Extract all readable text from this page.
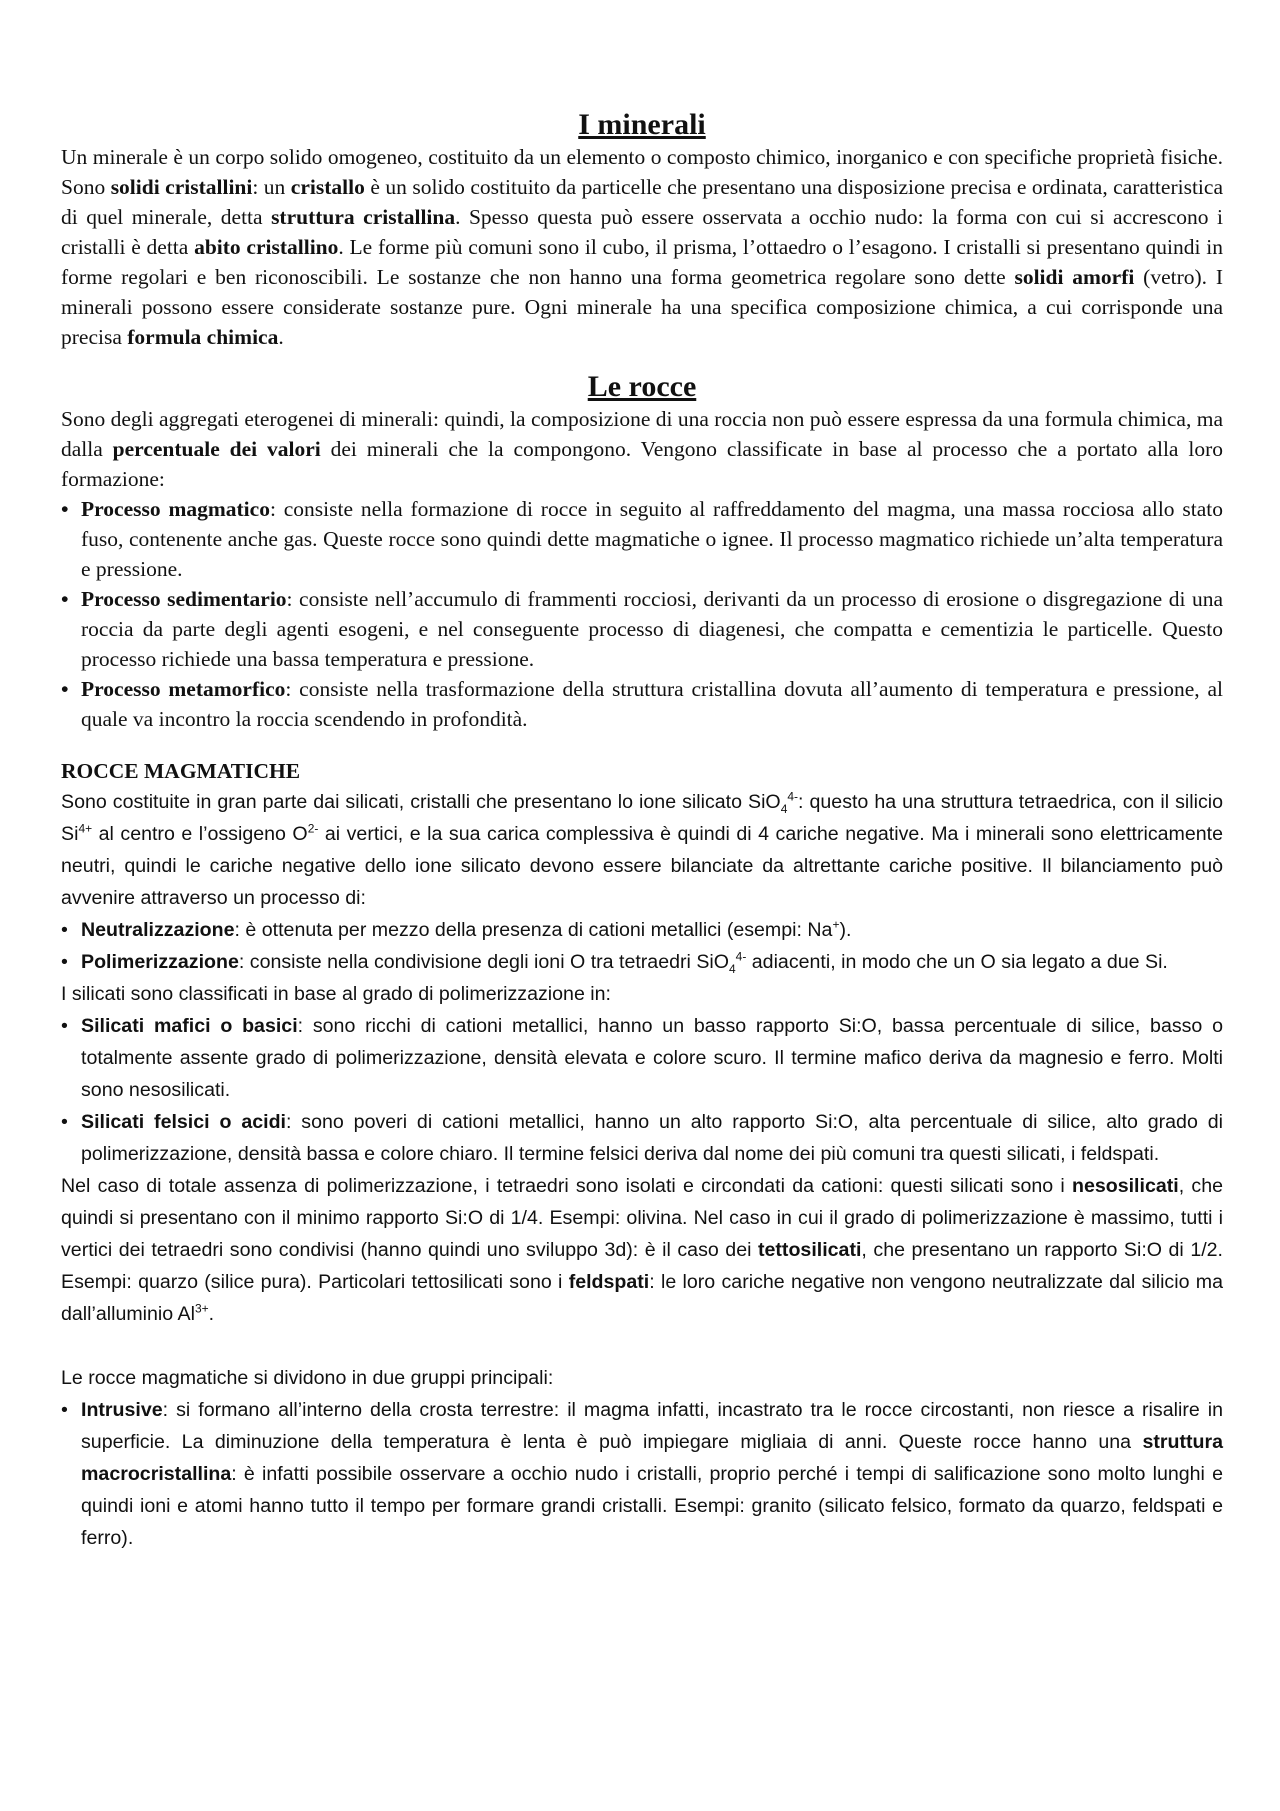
I minerali

Un minerale è un corpo solido omogeneo, costituito da un elemento o composto chimico, inorganico e con specifiche proprietà fisiche. Sono solidi cristallini: un cristallo è un solido costituito da particelle che presentano una disposizione precisa e ordinata, caratteristica di quel minerale, detta struttura cristallina. Spesso questa può essere osservata a occhio nudo: la forma con cui si accrescono i cristalli è detta abito cristallino. Le forme più comuni sono il cubo, il prisma, l’ottaedro o l’esagono. I cristalli si presentano quindi in forme regolari e ben riconoscibili. Le sostanze che non hanno una forma geometrica regolare sono dette solidi amorfi (vetro). I minerali possono essere considerate sostanze pure. Ogni minerale ha una specifica composizione chimica, a cui corrisponde una precisa formula chimica.

Le rocce

Sono degli aggregati eterogenei di minerali: quindi, la composizione di una roccia non può essere espressa da una formula chimica, ma dalla percentuale dei valori dei minerali che la compongono. Vengono classificate in base al processo che a portato alla loro formazione:

• Processo magmatico: consiste nella formazione di rocce in seguito al raffreddamento del magma, una massa rocciosa allo stato fuso, contenente anche gas. Queste rocce sono quindi dette magmatiche o ignee. Il processo magmatico richiede un’alta temperatura e pressione.
• Processo sedimentario: consiste nell’accumulo di frammenti rocciosi, derivanti da un processo di erosione o disgregazione di una roccia da parte degli agenti esogeni, e nel conseguente processo di diagenesi, che compatta e cementizia le particelle. Questo processo richiede una bassa temperatura e pressione.
• Processo metamorfico: consiste nella trasformazione della struttura cristallina dovuta all’aumento di temperatura e pressione, al quale va incontro la roccia scendendo in profondità.
ROCCE MAGMATICHE

Sono costituite in gran parte dai silicati, cristalli che presentano lo ione silicato SiO$_4^{4-}$: questo ha una struttura tetraedrica, con il silicio $Si^{4+}$ al centro e l’ossigeno $O^{2-}$ ai vertici, e la sua carica complessiva è quindi di 4 cariche negative. Ma i minerali sono elettricamente neutri, quindi le cariche negative dello ione silicato devono essere bilanciate da altrettante cariche positive. Il bilanciamento può avvenire attraverso un processo di:

• Neutralizzazione: è ottenuta per mezzo della presenza di cationi metallici (esempi: Na+).
• Polimerizzazione: consiste nella condivisione degli ioni O tra tetraedri SiO$_4^{4-}$ adiacenti, in modo che un O sia legato a due Si.

I silicati sono classificati in base al grado di polimerizzazione in:

• Silicati mafici o basici: sono ricchi di cationi metallici, hanno un basso rapporto Si:O, bassa percentuale di silice, basso o totalmente assente grado di polimerizzazione, densità elevata e colore scuro. Il termine mafico deriva da magnesio e ferro. Molti sono nesosilicati.
• Silicati felsici o acidi: sono poveri di cationi metallici, hanno un alto rapporto Si:O, alta percentuale di silice, alto grado di polimerizzazione, densità bassa e colore chiaro. Il termine felsici deriva dal nome dei più comuni tra questi silicati, i feldspati.

Nel caso di totale assenza di polimerizzazione, i tetraedri sono isolati e circondati da cationi: questi silicati sono i nesosilicati, che quindi si presentano con il minimo rapporto Si:O di 1/4. Esempi: olivina. Nel caso in cui il grado di polimerizzazione è massimo, tutti i vertici dei tetraedri sono condivisi (hanno quindi uno sviluppo 3d): è il caso dei tettosilicati, che presentano un rapporto Si:O di 1/2. Esempi: quarzo (silice pura). Particolari tettosilicati sono i feldspati: le loro cariche negative non vengono neutralizzate dal silicio ma dall’alluminio $Al^{3+}$.

Le rocce magmatiche si dividono in due gruppi principali:

• Intrusive: si formano all’interno della crosta terrestre: il magma infatti, incastrato tra le rocce circostanti, non riesce a risalire in superficie. La diminuzione della temperatura è lenta è può impiegare migliaia di anni. Queste rocce hanno una struttura macrocristallina: è infatti possibile osservare a occhio nudo i cristalli, proprio perché i tempi di salificazione sono molto lunghi e quindi ioni e atomi hanno tutto il tempo per formare grandi cristalli. Esempi: granito (silicato felsico, formato da quarzo, feldspati e ferro).
